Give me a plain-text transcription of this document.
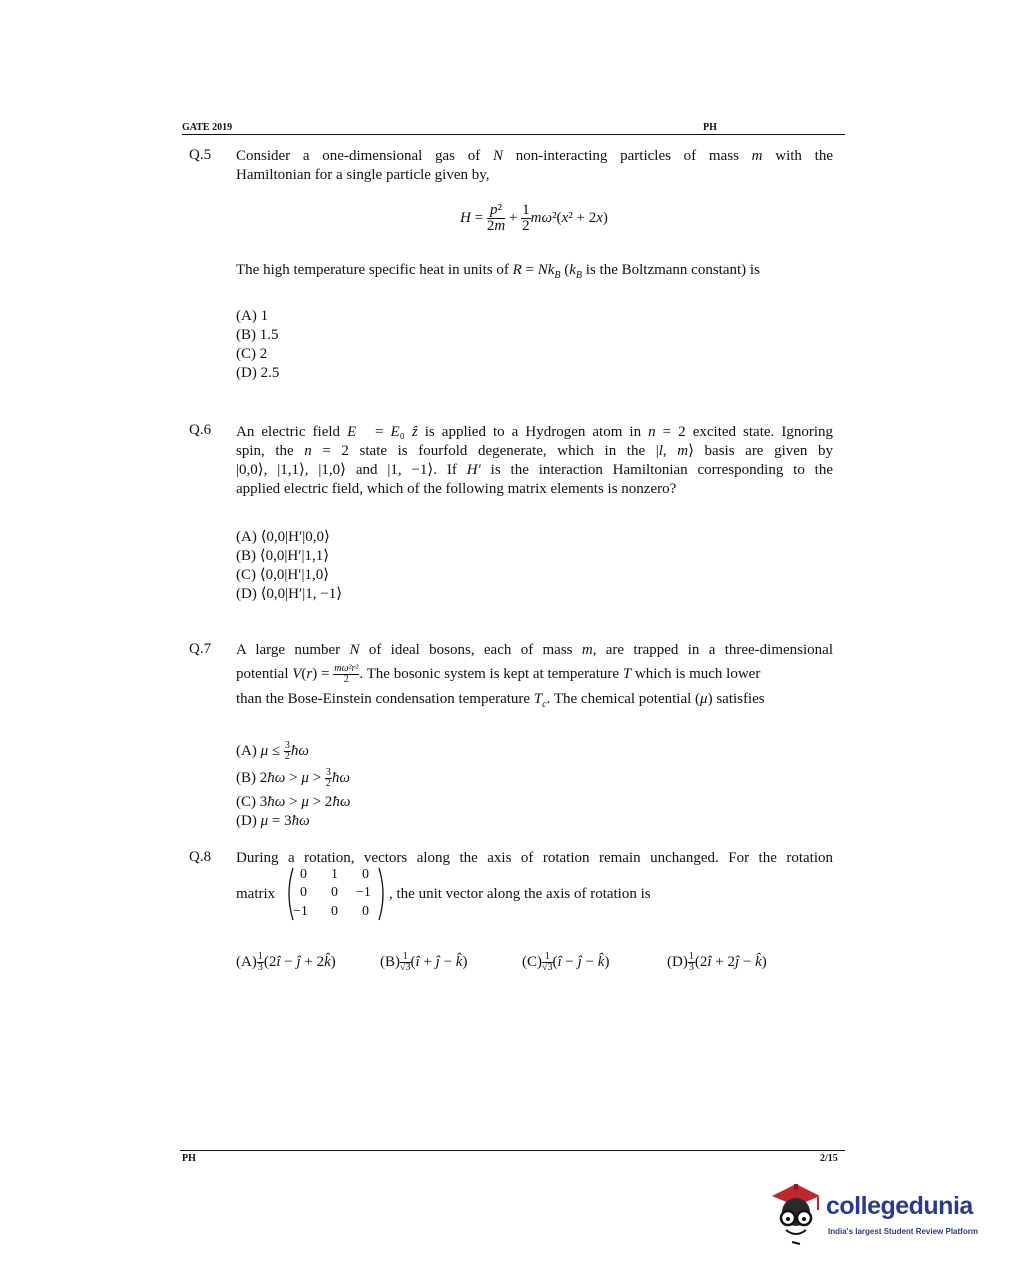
GATE 2019	PH
Q.5 Consider a one-dimensional gas of N non-interacting particles of mass m with the
Hamiltonian for a single particle given by,
$H = \frac{\text{p²}}{2m} + \frac{1}{2} m\omega^2(x^2 + 2x)$
The high temperature specific heat in units of $R = Nk_B$ ($k_B$ is the Boltzmann constant) is
(A) 1
(B) 1.5
(C) 2
(D) 2.5
Q.6 An electric field E⃗ = E₀ ẑ is applied to a Hydrogen atom in n = 2 excited state. Ignoring
spin, the n = 2 state is fourfold degenerate, which in the |l, m⟩ basis are given by
|0,0⟩, |1,1⟩, |1,0⟩ and |1, −1⟩. If H′ is the interaction Hamiltonian corresponding to the
applied electric field, which of the following matrix elements is nonzero?
(A) ⟨0,0|H′|0,0⟩
(B) ⟨0,0|H′|1,1⟩
(C) ⟨0,0|H′|1,0⟩
(D) ⟨0,0|H′|1, −1⟩
Q.7 A large number N of ideal bosons, each of mass m, are trapped in a three-dimensional
potential $V(r) = \frac{\text{mω²r²}}{2}$ . The bosonic system is kept at temperature T which is much lower
than the Bose-Einstein condensation temperature $T_c$. The chemical potential (μ) satisfies
(A) $\mu \le \frac{3}{2}$ ħω
(B) 2ħω > $\mu > \frac{3}{2}$ ħω
(C) 3ħω > μ > 2ħω
(D) μ = 3ħω
Q.8 During a rotation, vectors along the axis of rotation remain unchanged. For the rotation
matrix
0 1 0
0 0 −1
−1 0 0
, the unit vector along the axis of rotation is
$(A) \frac{1}{3}$ (2î − ĵ + 2k̂)	$(B) \frac{1}{√3}$ (î + ĵ − k̂)	$(C) \frac{1}{√3}$ (î − ĵ − k̂)	$(D) \frac{1}{3}$ (2î + 2ĵ − k̂)
PH	2/15
collegedunia
India's largest Student Review Platform
